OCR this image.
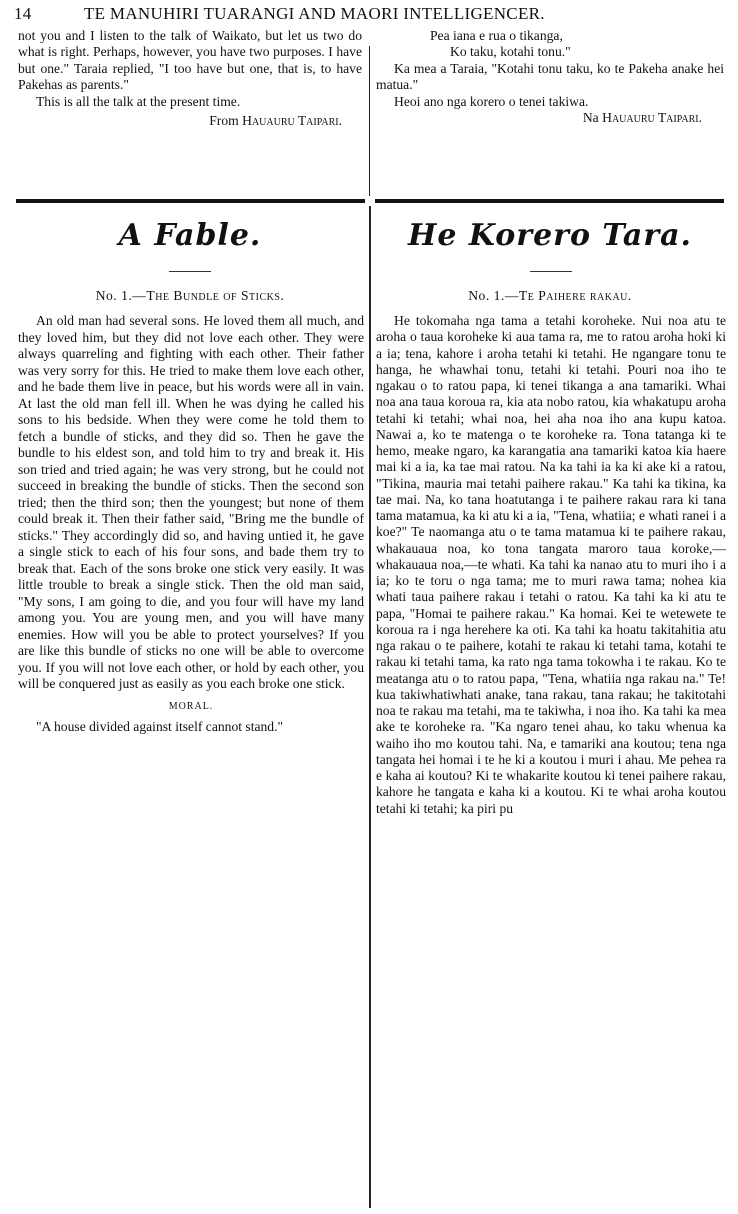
14	TE MANUHIRI TUARANGI AND MAORI INTELLIGENCER.

not you and I listen to the talk of Waikato, but let us two do what is right. Perhaps, however, you have two purposes. I have but one." Taraia replied, "I too have but one, that is, to have Pakehas as parents."

This is all the talk at the present time.

From Hauauru Taipari.

Pea iana e rua o tikanga,

Ko taku, kotahi tonu."

Ka mea a Taraia, "Kotahi tonu taku, ko te Pakeha anake hei matua."

Heoi ano nga korero o tenei takiwa.

Na Hauauru Taipari.

A Fable.	He Korero Tara.
No. 1.—The Bundle of Sticks.	No. 1.—Te Paihere rakau.

An old man had several sons. He loved them all much, and they loved him, but they did not love each other. They were always quarreling and fighting with each other. Their father was very sorry for this. He tried to make them love each other, and he bade them live in peace, but his words were all in vain. At last the old man fell ill. When he was dying he called his sons to his bedside. When they were come he told them to fetch a bundle of sticks, and they did so. Then he gave the bundle to his eldest son, and told him to try and break it. His son tried and tried again; he was very strong, but he could not succeed in breaking the bundle of sticks. Then the second son tried; then the third son; then the youngest; but none of them could break it. Then their father said, "Bring me the bundle of sticks." They accordingly did so, and having untied it, he gave a single stick to each of his four sons, and bade them try to break that. Each of the sons broke one stick very easily. It was little trouble to break a single stick. Then the old man said, "My sons, I am going to die, and you four will have my land among you. You are young men, and you will have many enemies. How will you be able to protect yourselves? If you are like this bundle of sticks no one will be able to overcome you. If you will not love each other, or hold by each other, you will be conquered just as easily as you each broke one stick.

MORAL.

"A house divided against itself cannot stand."

He tokomaha nga tama a tetahi koroheke. Nui noa atu te aroha o taua koroheke ki aua tama ra, me to ratou aroha hoki ki a ia; tena, kahore i aroha tetahi ki tetahi. He ngangare tonu te hanga, he whawhai tonu, tetahi ki tetahi. Pouri noa iho te ngakau o to ratou papa, ki tenei tikanga a ana tamariki. Whai noa ana taua koroua ra, kia ata nobo ratou, kia whakatupu aroha tetahi ki tetahi; whai noa, hei aha noa iho ana kupu katoa. Nawai a, ko te matenga o te koroheke ra. Tona tatanga ki te hemo, meake ngaro, ka karangatia ana tamariki katoa kia haere mai ki a ia, ka tae mai ratou. Na ka tahi ia ka ki ake ki a ratou, "Tikina, mauria mai tetahi paihere rakau." Ka tahi ka tikina, ka tae mai. Na, ko tana hoatutanga i te paihere rakau rara ki tana tama matamua, ka ki atu ki a ia, "Tena, whatiia; e whati ranei i a koe?" Te naomanga atu o te tama matamua ki te paihere rakau, whakauaua noa, ko tona tangata maroro taua koroke,—whakauaua noa,—te whati. Ka tahi ka nanao atu to muri iho i a ia; ko te toru o nga tama; me to muri rawa tama; nohea kia whati taua paihere rakau i tetahi o ratou. Ka tahi ka ki atu te papa, "Homai te paihere rakau." Ka homai. Kei te wetewete te koroua ra i nga herehere ka oti. Ka tahi ka hoatu takitahitia atu nga rakau o te paihere, kotahi te rakau ki tetahi tama, kotahi te rakau ki tetahi tama, ka rato nga tama tokowha i te rakau. Ko te meatanga atu o to ratou papa, "Tena, whatiia nga rakau na." Te! kua takiwhatiwhati anake, tana rakau, tana rakau; he takitotahi noa te rakau ma tetahi, ma te takiwha, i noa iho. Ka tahi ka mea ake te koroheke ra. "Ka ngaro tenei ahau, ko taku whenua ka waiho iho mo koutou tahi. Na, e tamariki ana koutou; tena nga tangata hei homai i te he ki a koutou i muri i ahau. Me pehea ra e kaha ai koutou? Ki te whakarite koutou ki tenei paihere rakau, kahore he tangata e kaha ki a koutou. Ki te whai aroha koutou tetahi ki tetahi; ka piri pu
